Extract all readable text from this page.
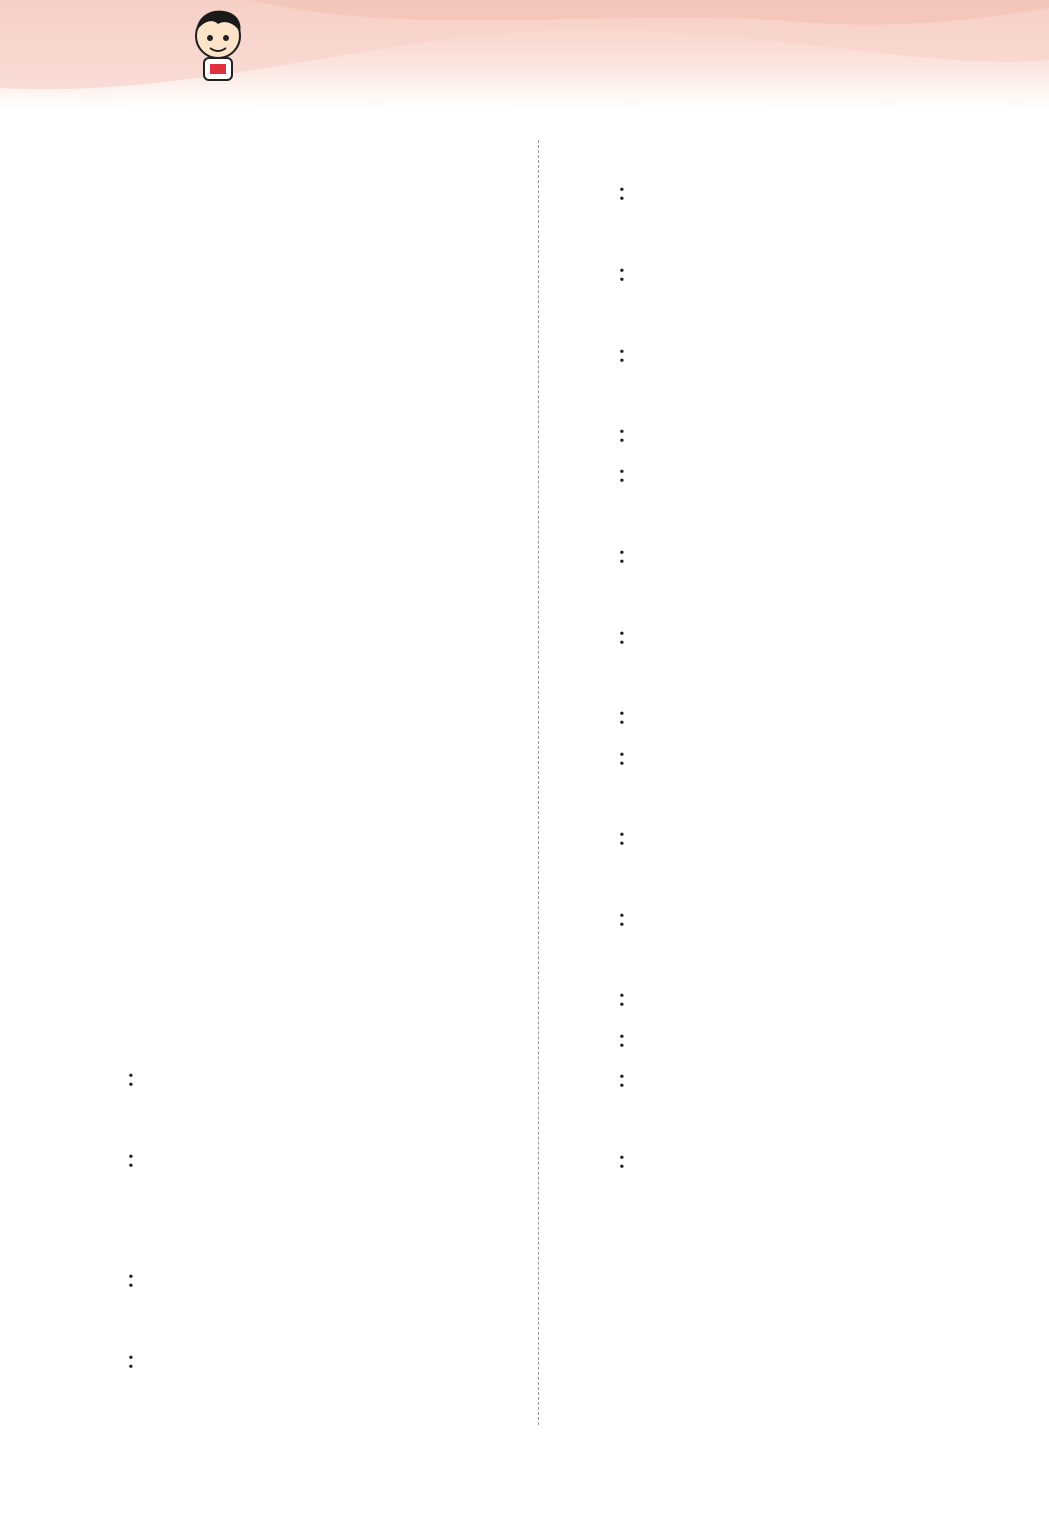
：
：
：
：
：
：
：
：
：
：
：
：
：
：
：
：
：
：
：
